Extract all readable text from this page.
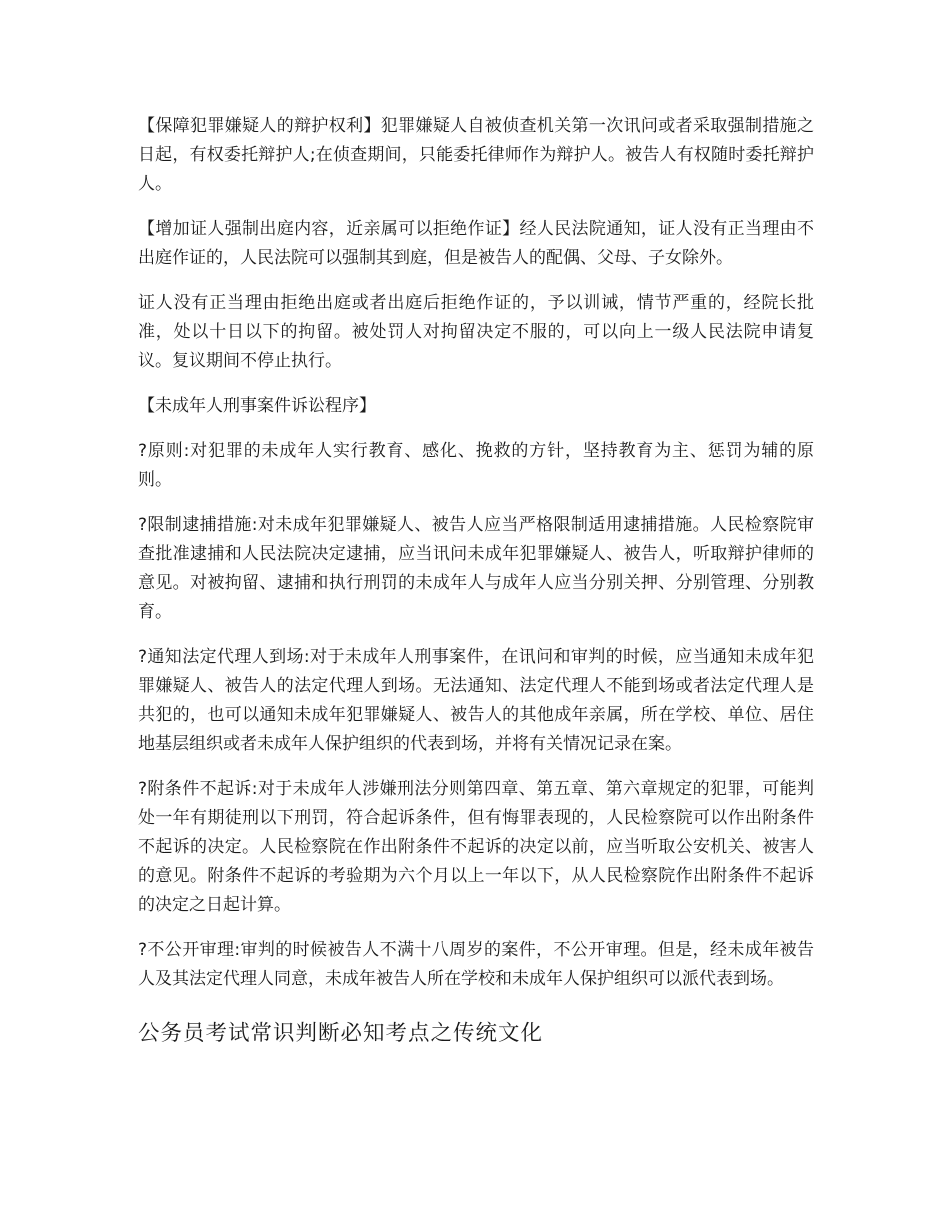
【保障犯罪嫌疑人的辩护权利】犯罪嫌疑人自被侦查机关第一次讯问或者采取强制措施之日起，有权委托辩护人;在侦查期间，只能委托律师作为辩护人。被告人有权随时委托辩护人。

【增加证人强制出庭内容，近亲属可以拒绝作证】经人民法院通知，证人没有正当理由不出庭作证的，人民法院可以强制其到庭，但是被告人的配偶、父母、子女除外。

证人没有正当理由拒绝出庭或者出庭后拒绝作证的，予以训诫，情节严重的，经院长批准，处以十日以下的拘留。被处罚人对拘留决定不服的，可以向上一级人民法院申请复议。复议期间不停止执行。

【未成年人刑事案件诉讼程序】

?原则:对犯罪的未成年人实行教育、感化、挽救的方针，坚持教育为主、惩罚为辅的原则。

?限制逮捕措施:对未成年犯罪嫌疑人、被告人应当严格限制适用逮捕措施。人民检察院审查批准逮捕和人民法院决定逮捕，应当讯问未成年犯罪嫌疑人、被告人，听取辩护律师的意见。对被拘留、逮捕和执行刑罚的未成年人与成年人应当分别关押、分别管理、分别教育。

?通知法定代理人到场:对于未成年人刑事案件，在讯问和审判的时候，应当通知未成年犯罪嫌疑人、被告人的法定代理人到场。无法通知、法定代理人不能到场或者法定代理人是共犯的，也可以通知未成年犯罪嫌疑人、被告人的其他成年亲属，所在学校、单位、居住地基层组织或者未成年人保护组织的代表到场，并将有关情况记录在案。

?附条件不起诉:对于未成年人涉嫌刑法分则第四章、第五章、第六章规定的犯罪，可能判处一年有期徒刑以下刑罚，符合起诉条件，但有悔罪表现的，人民检察院可以作出附条件不起诉的决定。人民检察院在作出附条件不起诉的决定以前，应当听取公安机关、被害人的意见。附条件不起诉的考验期为六个月以上一年以下，从人民检察院作出附条件不起诉的决定之日起计算。

?不公开审理:审判的时候被告人不满十八周岁的案件，不公开审理。但是，经未成年被告人及其法定代理人同意，未成年被告人所在学校和未成年人保护组织可以派代表到场。

公务员考试常识判断必知考点之传统文化
